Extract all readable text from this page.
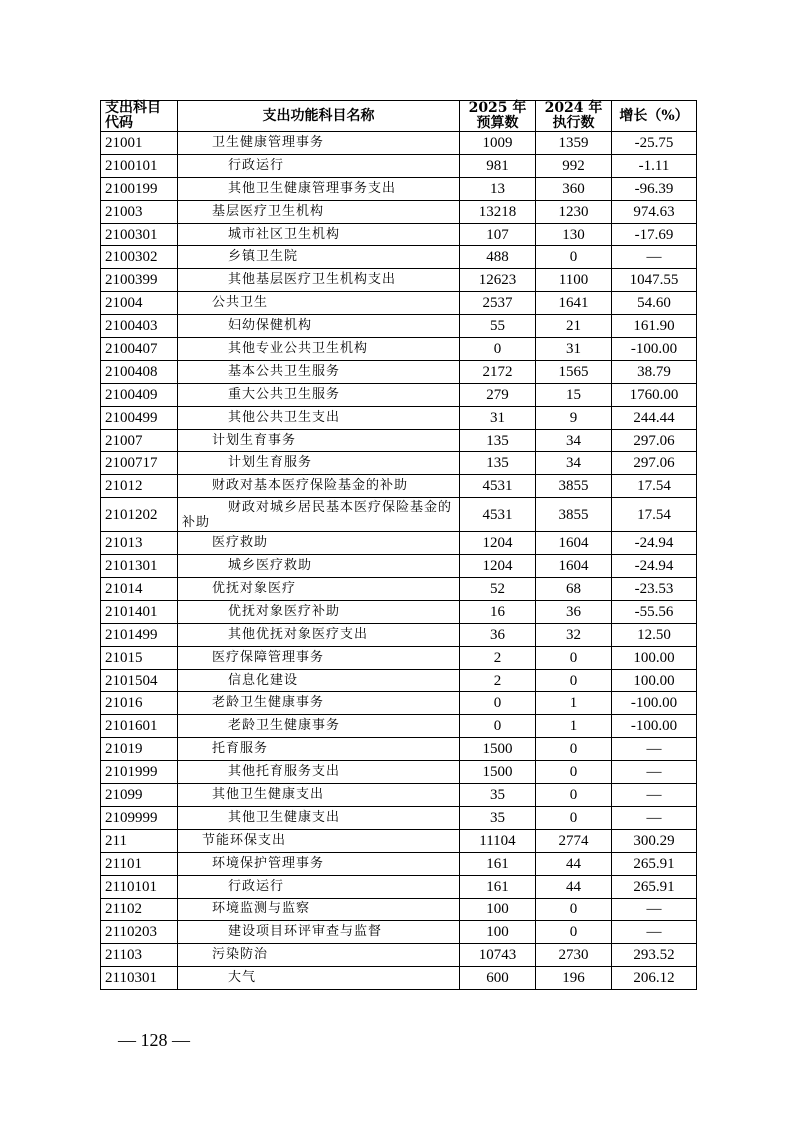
支出科目代码	支出功能科目名称	2025 年预算数	2024 年执行数	增长（%）
21001	卫生健康管理事务	1009	1359	-25.75
2100101	行政运行	981	992	-1.11
2100199	其他卫生健康管理事务支出	13	360	-96.39
21003	基层医疗卫生机构	13218	1230	974.63
2100301	城市社区卫生机构	107	130	-17.69
2100302	乡镇卫生院	488	0	—
2100399	其他基层医疗卫生机构支出	12623	1100	1047.55
21004	公共卫生	2537	1641	54.60
2100403	妇幼保健机构	55	21	161.90
2100407	其他专业公共卫生机构	0	31	-100.00
2100408	基本公共卫生服务	2172	1565	38.79
2100409	重大公共卫生服务	279	15	1760.00
2100499	其他公共卫生支出	31	9	244.44
21007	计划生育事务	135	34	297.06
2100717	计划生育服务	135	34	297.06
21012	财政对基本医疗保险基金的补助	4531	3855	17.54
2101202	财政对城乡居民基本医疗保险基金的补助	4531	3855	17.54
21013	医疗救助	1204	1604	-24.94
2101301	城乡医疗救助	1204	1604	-24.94
21014	优抚对象医疗	52	68	-23.53
2101401	优抚对象医疗补助	16	36	-55.56
2101499	其他优抚对象医疗支出	36	32	12.50
21015	医疗保障管理事务	2	0	100.00
2101504	信息化建设	2	0	100.00
21016	老龄卫生健康事务	0	1	-100.00
2101601	老龄卫生健康事务	0	1	-100.00
21019	托育服务	1500	0	—
2101999	其他托育服务支出	1500	0	—
21099	其他卫生健康支出	35	0	—
2109999	其他卫生健康支出	35	0	—
211	节能环保支出	11104	2774	300.29
21101	环境保护管理事务	161	44	265.91
2110101	行政运行	161	44	265.91
21102	环境监测与监察	100	0	—
2110203	建设项目环评审查与监督	100	0	—
21103	污染防治	10743	2730	293.52
2110301	大气	600	196	206.12
— 128 —
